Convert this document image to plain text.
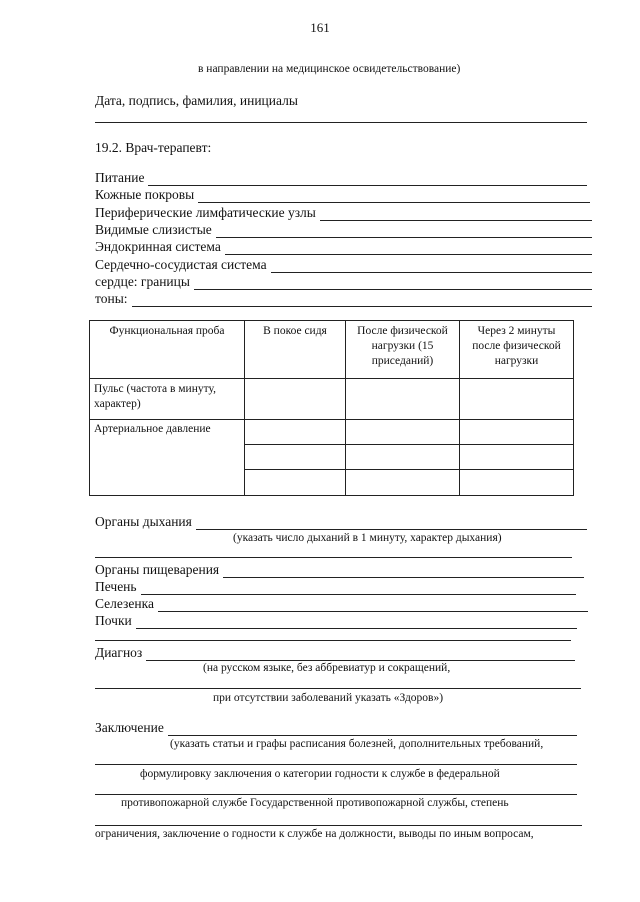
161
в направлении на медицинское освидетельствование)
Дата, подпись, фамилия, инициалы
19.2. Врач-терапевт:
Питание
Кожные покровы
Периферические лимфатические узлы
Видимые слизистые
Эндокринная система
Сердечно-сосудистая система
сердце: границы
тоны:
Функциональная проба	В покое сидя	После физической нагрузки (15 приседаний)	Через 2 минуты после физической нагрузки
Пульс (частота в минуту, характер)			
Артериальное давление			

Органы дыхания
(указать число дыханий в 1 минуту, характер дыхания)
Органы пищеварения
Печень
Селезенка
Почки
Диагноз
(на русском языке, без аббревиатур и сокращений,
при отсутствии заболеваний указать «Здоров»)
Заключение
(указать статьи и графы расписания болезней, дополнительных требований,
формулировку заключения о категории годности к службе в федеральной
противопожарной службе Государственной противопожарной службы, степень
ограничения, заключение о годности к службе на должности, выводы по иным вопросам,
